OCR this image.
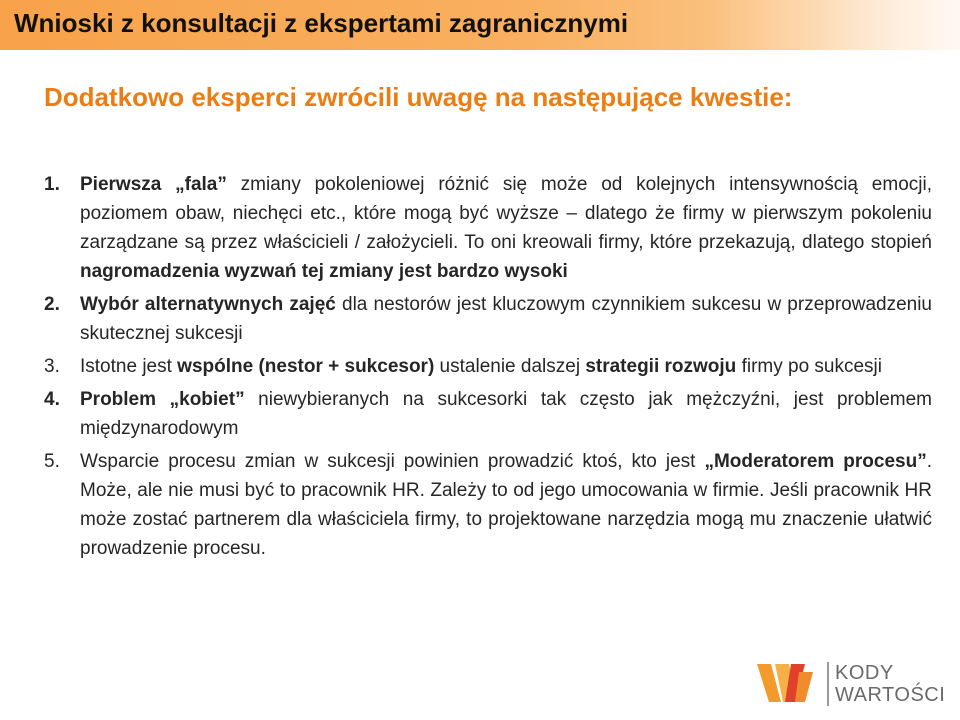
Wnioski z konsultacji z ekspertami zagranicznymi
Dodatkowo eksperci zwrócili uwagę na następujące kwestie:
1. Pierwsza „fala” zmiany pokoleniowej różnić się może od kolejnych intensywnością emocji, poziomem obaw, niechęci etc., które mogą być wyższe – dlatego że firmy w pierwszym pokoleniu zarządzane są przez właścicieli / założycieli. To oni kreowali firmy, które przekazują, dlatego stopień nagromadzenia wyzwań tej zmiany jest bardzo wysoki
2. Wybór alternatywnych zajęć dla nestorów jest kluczowym czynnikiem sukcesu w przeprowadzeniu skutecznej sukcesji
3. Istotne jest wspólne (nestor + sukcesor) ustalenie dalszej strategii rozwoju firmy po sukcesji
4. Problem „kobiet” niewybieranych na sukcesorki tak często jak mężczyźni, jest problemem międzynarodowym
5. Wsparcie procesu zmian w sukcesji powinien prowadzić ktoś, kto jest „Moderatorem procesu”. Może, ale nie musi być to pracownik HR. Zależy to od jego umocowania w firmie. Jeśli pracownik HR może zostać partnerem dla właściciela firmy, to projektowane narzędzia mogą mu znaczenie ułatwić prowadzenie procesu.
KODY
WARTOŚCI
